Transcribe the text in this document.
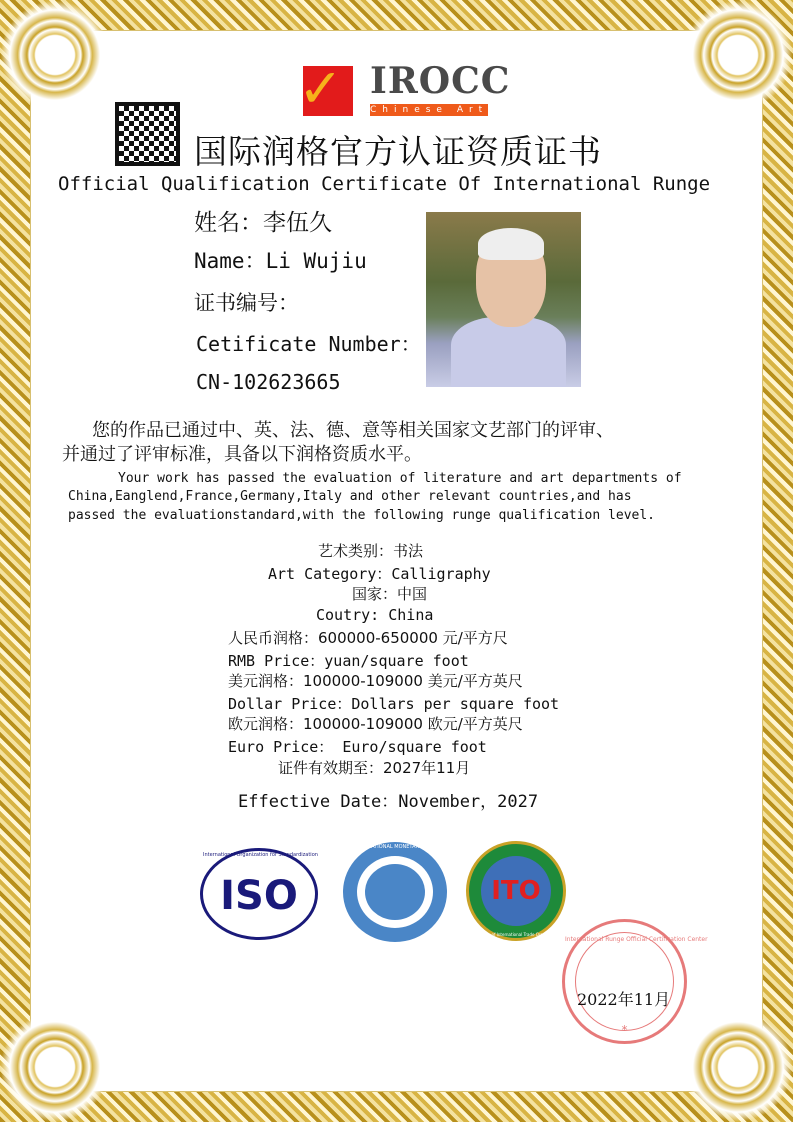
✓ IROCC
Chinese Art
国际润格官方认证资质证书
Official Qualification Certificate Of International Runge
姓名：李伍久
Name：Li Wujiu
证书编号：
Cetificate Number：
CN-102623665
您的作品已通过中、英、法、德、意等相关国家文艺部门的评审、
并通过了评审标准，具备以下润格资质水平。
Your work has passed the evaluation of literature and art departments of
China,Eanglend,France,Germany,Italy and other relevant countries,and has
passed the evaluationstandard,with the following runge qualification level.
艺术类别：书法
Art Category：Calligraphy
国家：中国
Coutry: China
人民币润格：600000-650000 元/平方尺
RMB Price：yuan/square foot
美元润格：100000-109000 美元/平方英尺
Dollar Price：Dollars per square foot
欧元润格：100000-109000 欧元/平方英尺
Euro Price： Euro/square foot
证件有效期至：2027年11月
Effective Date：November，2027
ISO
International Organization for Standardization
INTERNATIONAL MONETARY FUND
ITO
Federation of International Trade Organizations
International Runge Official Certification Center
*
2022年11月
